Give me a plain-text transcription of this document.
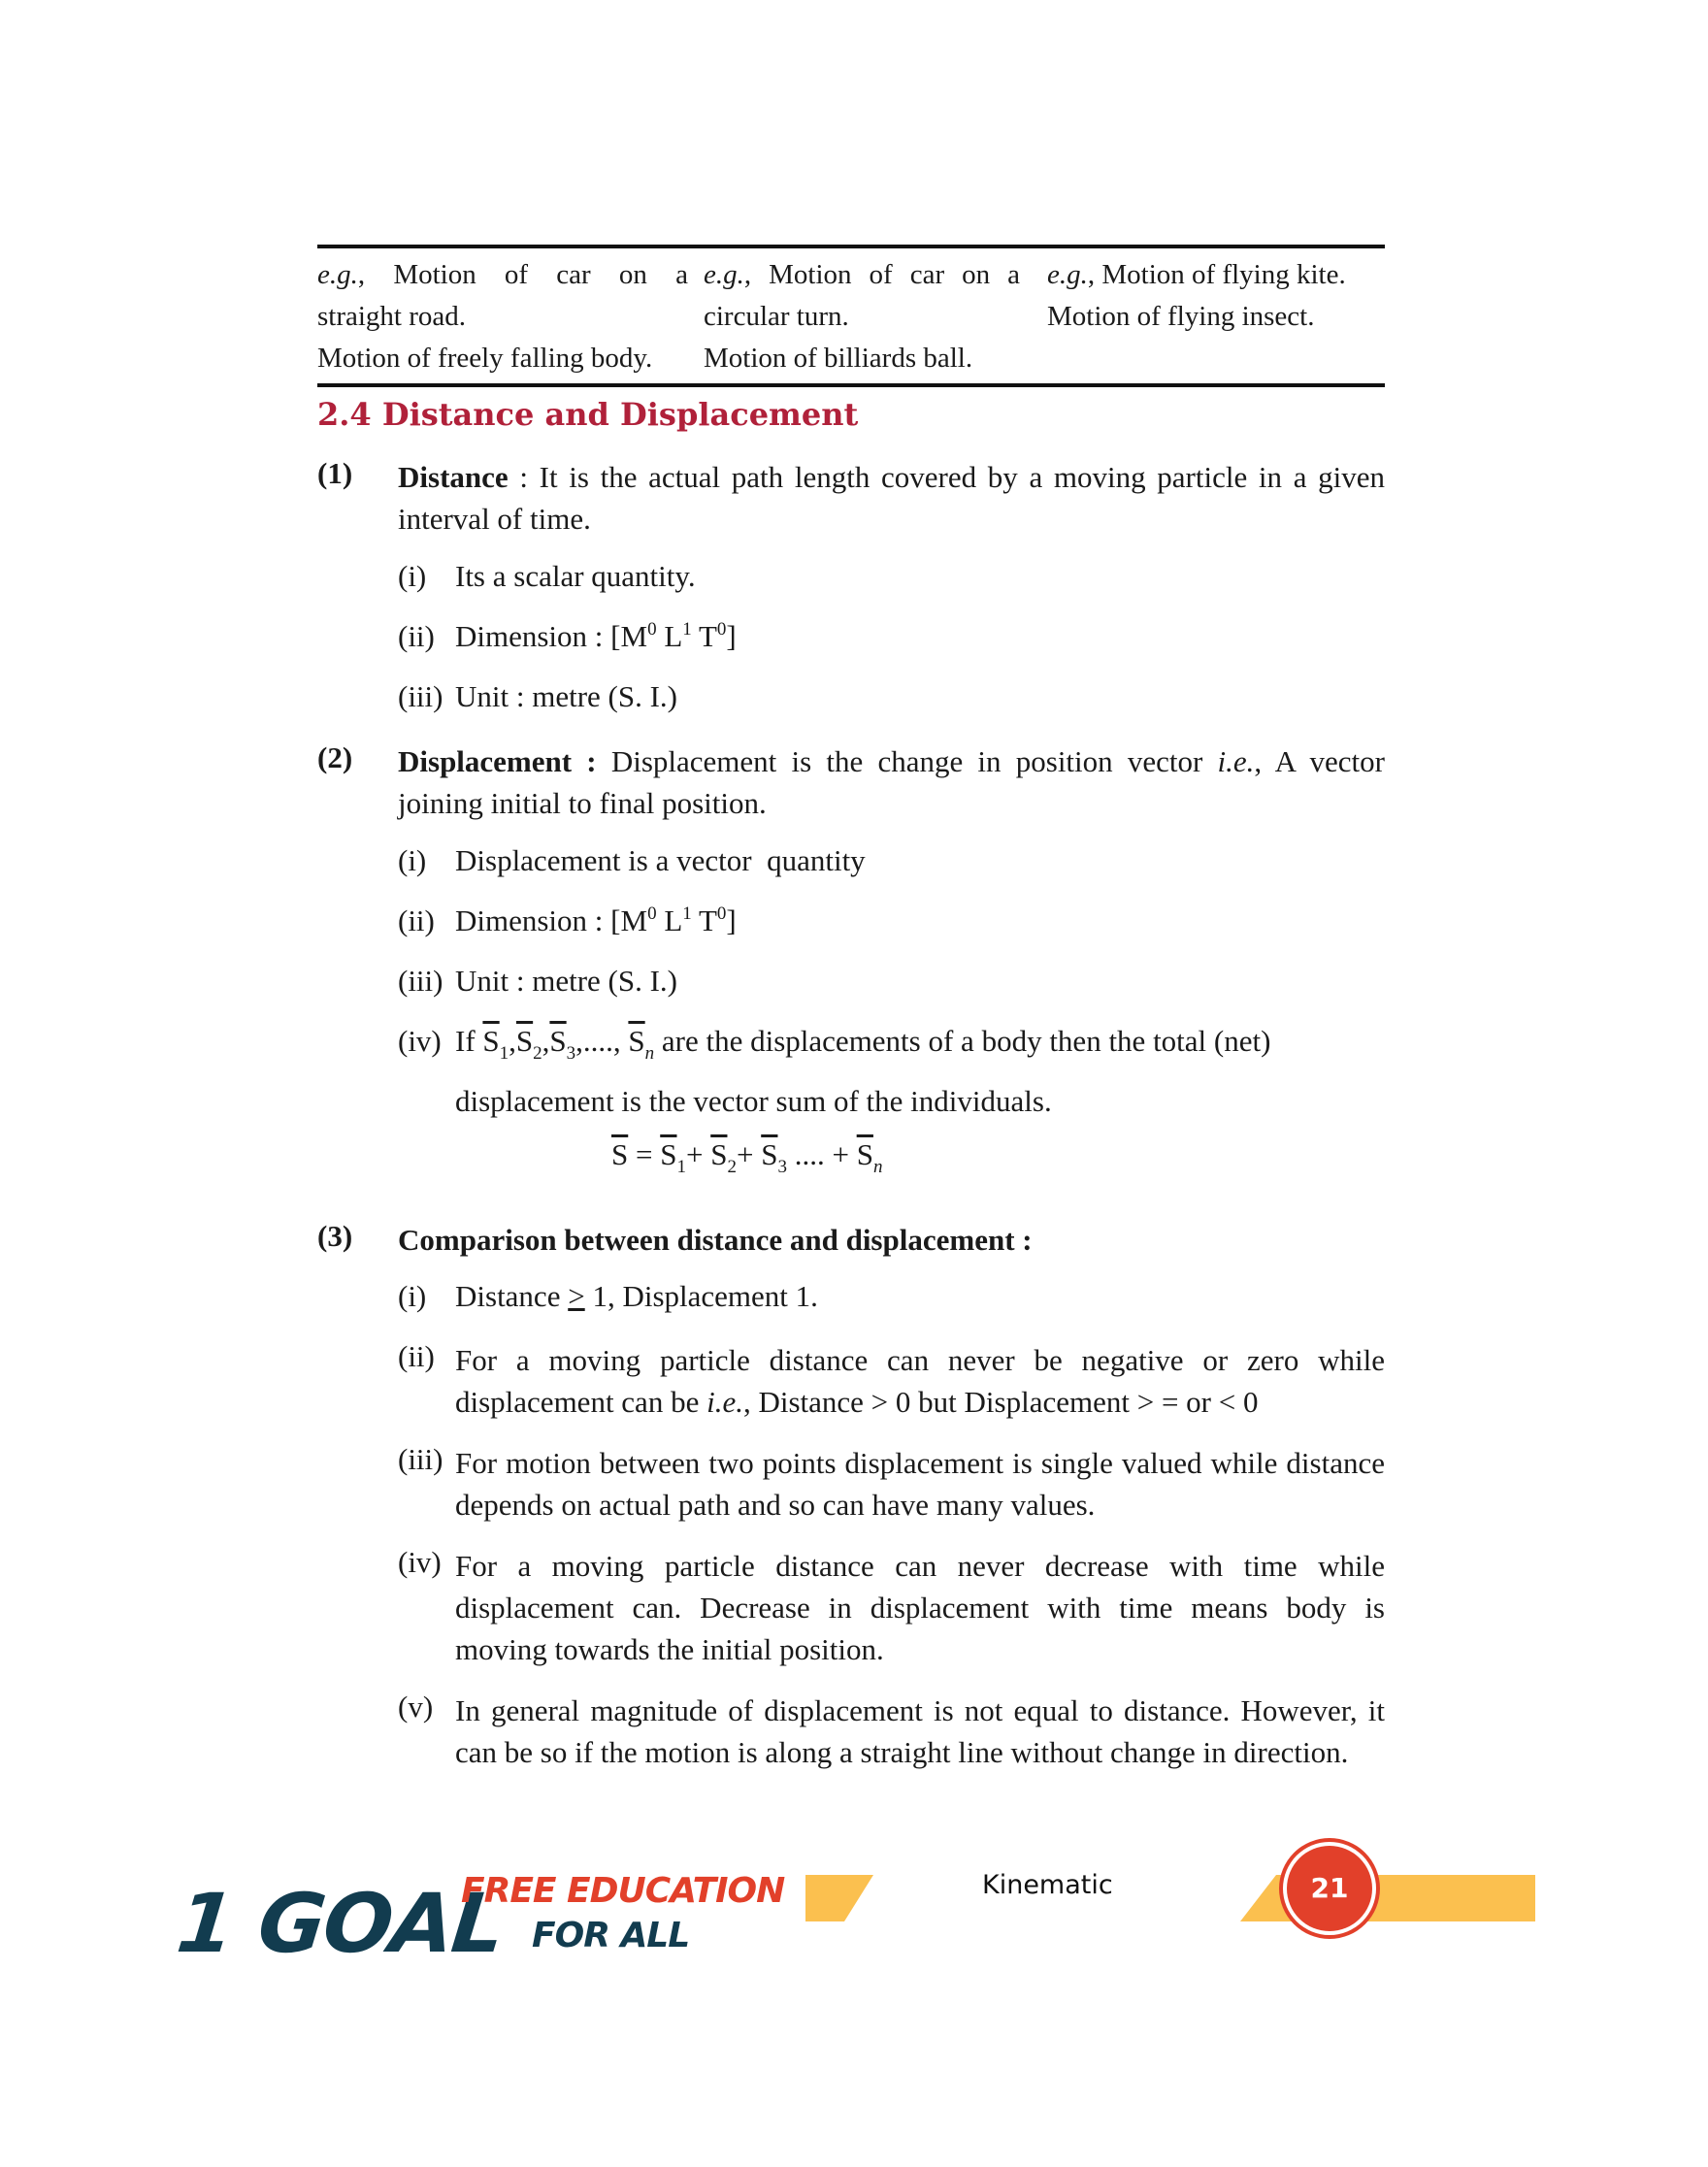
e.g., Motion of car on a

straight road.

Motion of freely falling body.

e.g., Motion of car on a

circular turn.

Motion of billiards ball.

e.g., Motion of flying kite.

Motion of flying insect.

2.4 Distance and Displacement
(1) Distance : It is the actual path length covered by a moving particle in a given interval of time.
(i) Its a scalar quantity.
(ii) Dimension : [$M^0$ $L^1$ $T^0$]
(iii) Unit : metre (S. I.)
(2) Displacement : Displacement is the change in position vector i.e., A vector joining initial to final position.
(i) Displacement is a vector  quantity
(ii) Dimension : [$M^0$ $L^1$ $T^0$]
(iii) Unit : metre (S. I.)
(iv) If $\overline{S}_1,\overline{S}_2,\overline{S}_3$,...., $\overline{S}_n$ are the displacements of a body then the total (net)
displacement is the vector sum of the individuals.
$\overline{S} = \overline{S}_1+ \overline{S}_2+ \overline{S}_3$ .... + $\overline{S}_n$
(3) Comparison between distance and displacement :
(i) Distance ≥ 1, Displacement 1.
(ii) For a moving particle distance can never be negative or zero while displacement can be i.e., Distance > 0 but Displacement > = or < 0
(iii) For motion between two points displacement is single valued while distance depends on actual path and so can have many values.
(iv) For a moving particle distance can never decrease with time while displacement can. Decrease in displacement with time means body is moving towards the initial position.
(v) In general magnitude of displacement is not equal to distance. However, it can be so if the motion is along a straight line without change in direction.
1 GOAL
FREE EDUCATION
FOR ALL
Kinematic	21
